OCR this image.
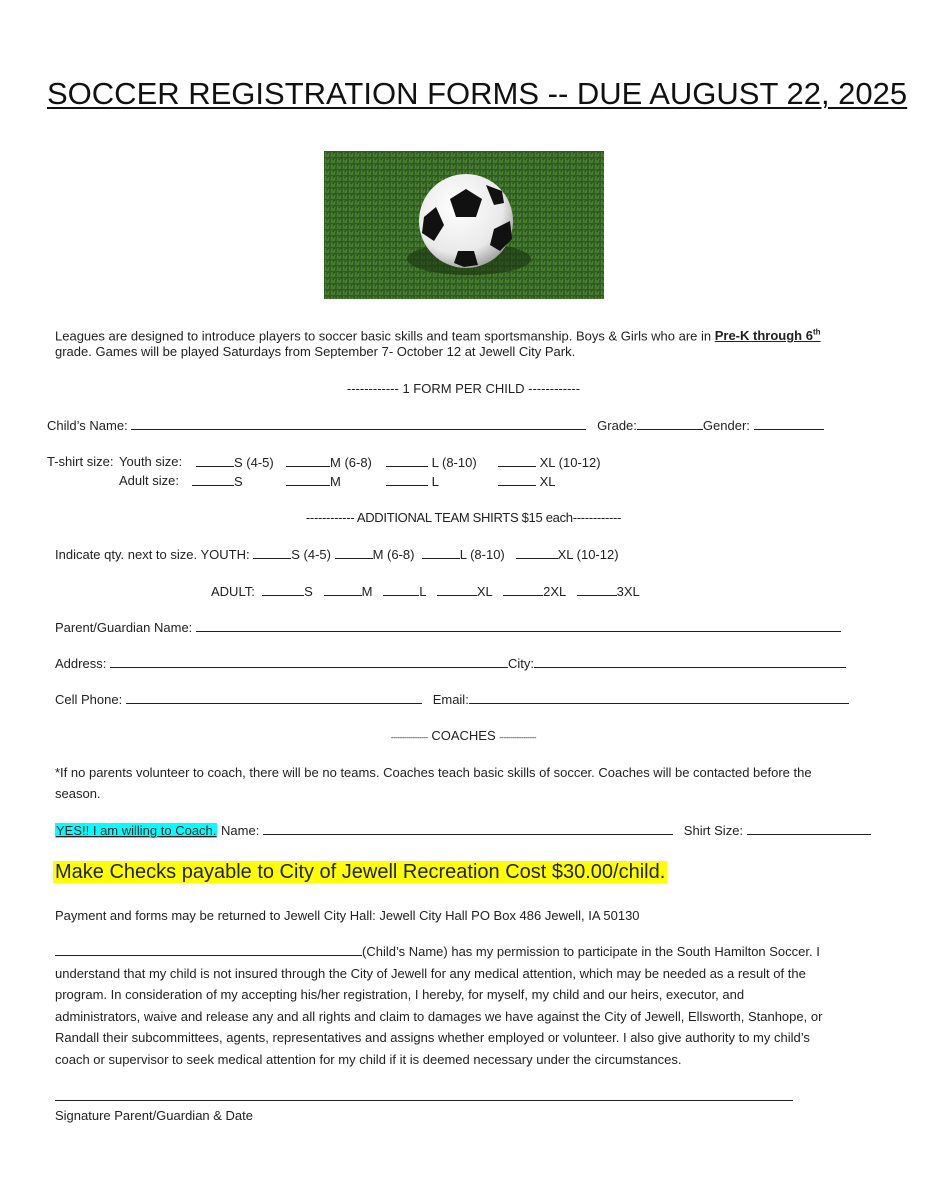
SOCCER REGISTRATION FORMS -- DUE AUGUST 22, 2025
Leagues are designed to introduce players to soccer basic skills and team sportsmanship. Boys & Girls who are in Pre-K through 6th
grade. Games will be played Saturdays from September 7- October 12 at Jewell City Park.
------------ 1 FORM PER CHILD ------------
Child’s Name:	Grade:	Gender:
T-shirt size: Youth size:	S (4-5)	M (6-8)	L (8-10)	XL (10-12)
Adult size:	S	M	L	XL
------------ ADDITIONAL TEAM SHIRTS $15 each------------
Indicate qty. next to size. YOUTH:	S (4-5)	M (6-8)	L (8-10)	XL (10-12)
ADULT:	S	M	L	XL	2XL	3XL
Parent/Guardian Name:
Address:	City:
Cell Phone:	Email:
----------------- COACHES -----------------
*If no parents volunteer to coach, there will be no teams. Coaches teach basic skills of soccer. Coaches will be contacted before the
season.
YES!! I am willing to Coach. Name:	Shirt Size:
Make Checks payable to City of Jewell Recreation Cost $30.00/child.
Payment and forms may be returned to Jewell City Hall: Jewell City Hall PO Box 486 Jewell, IA 50130
(Child’s Name) has my permission to participate in the South Hamilton Soccer. I
understand that my child is not insured through the City of Jewell for any medical attention, which may be needed as a result of the
program. In consideration of my accepting his/her registration, I hereby, for myself, my child and our heirs, executor, and
administrators, waive and release any and all rights and claim to damages we have against the City of Jewell, Ellsworth, Stanhope, or
Randall their subcommittees, agents, representatives and assigns whether employed or volunteer. I also give authority to my child’s
coach or supervisor to seek medical attention for my child if it is deemed necessary under the circumstances.
Signature Parent/Guardian & Date
